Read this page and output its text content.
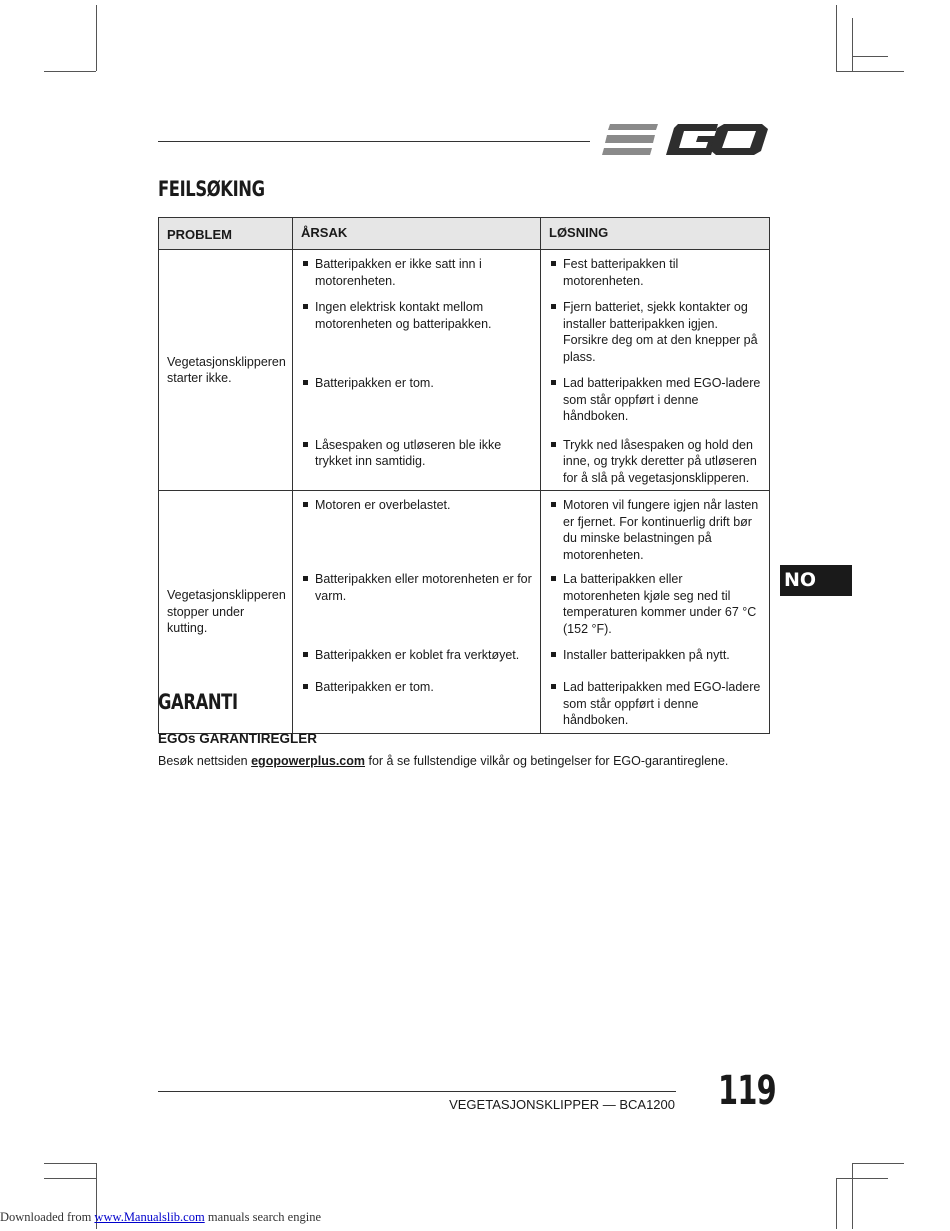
FEILSØKING
PROBLEM	ÅRSAK	LØSNING
Vegetasjonsklipperen starter ikke.	Batteripakken er ikke satt inn i motorenheten.	Fest batteripakken til motorenheten.

	Ingen elektrisk kontakt mellom motorenheten og batteripakken.	Fjern batteriet, sjekk kontakter og installer batteripakken igjen. Forsikre deg om at den knepper på plass.

	Batteripakken er tom.	Lad batteripakken med EGO-ladere som står oppført i denne håndboken.

	Låsespaken og utløseren ble ikke trykket inn samtidig.	Trykk ned låsespaken og hold den inne, og trykk deretter på utløseren for å slå på vegetasjonsklipperen.

Vegetasjonsklipperen stopper under kutting.	Motoren er overbelastet.	Motoren vil fungere igjen når lasten er fjernet. For kontinuerlig drift bør du minske belastningen på motorenheten.

	Batteripakken eller motorenheten er for varm.	La batteripakken eller motorenheten kjøle seg ned til temperaturen kommer under 67 °C (152 °F).

	Batteripakken er koblet fra verktøyet.	Installer batteripakken på nytt.

	Batteripakken er tom.	Lad batteripakken med EGO-ladere som står oppført i denne håndboken.
NO
GARANTI

EGOs GARANTIREGLER

Besøk nettsiden egopowerplus.com for å se fullstendige vilkår og betingelser for EGO-garantireglene.

VEGETASJONSKLIPPER — BCA1200 119
Downloaded from www.Manualslib.com manuals search engine
